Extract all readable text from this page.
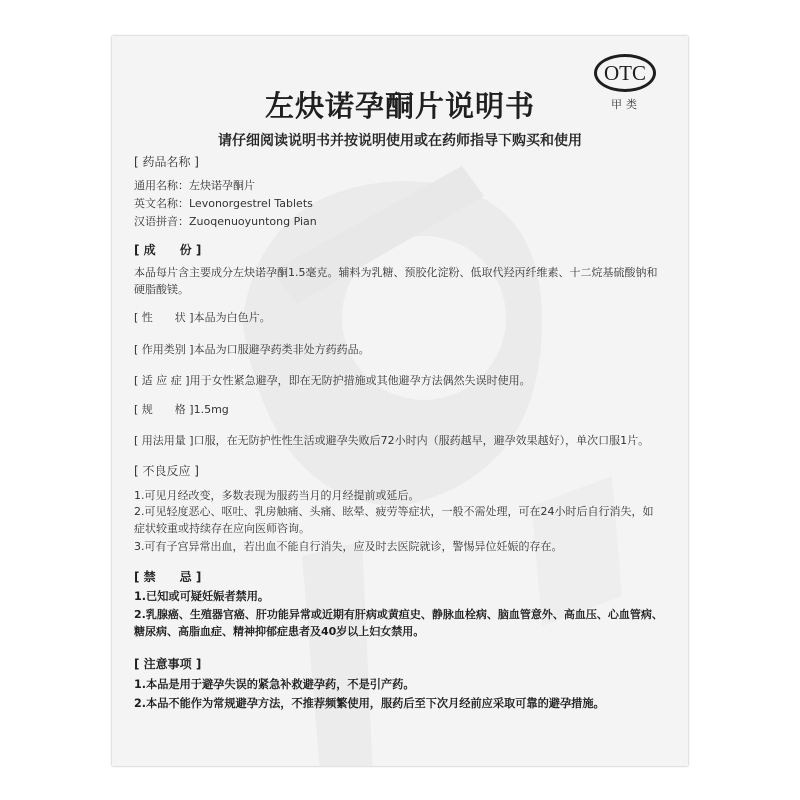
OTC
甲类
左炔诺孕酮片说明书
请仔细阅读说明书并按说明使用或在药师指导下购买和使用
[ 药品名称 ]
通用名称：左炔诺孕酮片
英文名称：Levonorgestrel Tablets
汉语拼音：Zuoqenuoyuntong Pian
[ 成　　份 ]
本品每片含主要成分左炔诺孕酮1.5毫克。辅料为乳糖、预胶化淀粉、低取代羟丙纤维素、十二烷基硫酸钠和硬脂酸镁。
[ 性　　状 ]本品为白色片。
[ 作用类别 ]本品为口服避孕药类非处方药药品。
[ 适 应 症 ]用于女性紧急避孕，即在无防护措施或其他避孕方法偶然失误时使用。
[ 规　　格 ]1.5mg
[ 用法用量 ]口服，在无防护性性生活或避孕失败后72小时内（服药越早，避孕效果越好），单次口服1片。
[ 不良反应 ]
1.可见月经改变，多数表现为服药当月的月经提前或延后。
2.可见轻度恶心、呕吐、乳房触痛、头痛、眩晕、疲劳等症状，一般不需处理，可在24小时后自行消失，如症状较重或持续存在应向医师咨询。
3.可有子宫异常出血，若出血不能自行消失，应及时去医院就诊，警惕异位妊娠的存在。
[ 禁　　忌 ]
1.已知或可疑妊娠者禁用。
2.乳腺癌、生殖器官癌、肝功能异常或近期有肝病或黄疸史、静脉血栓病、脑血管意外、高血压、心血管病、糖尿病、高脂血症、精神抑郁症患者及40岁以上妇女禁用。
[ 注意事项 ]
1.本品是用于避孕失误的紧急补救避孕药，不是引产药。
2.本品不能作为常规避孕方法，不推荐频繁使用，服药后至下次月经前应采取可靠的避孕措施。
